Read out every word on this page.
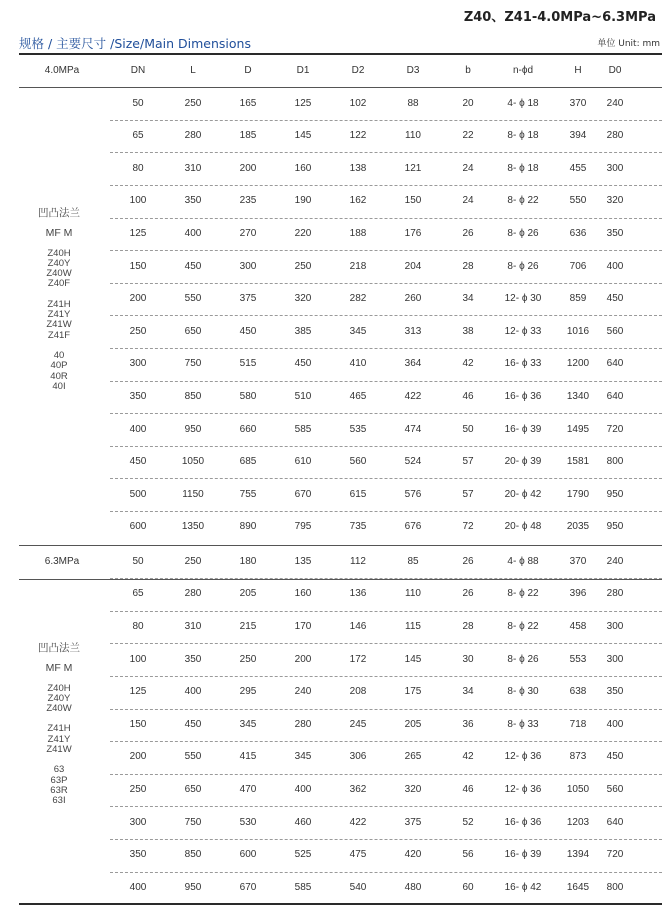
Z40、Z41-4.0MPa~6.3MPa
规格 / 主要尺寸 /Size/Main Dimensions	单位 Unit: mm
4.0MPa	DN	L	D	D1	D2	D3	b	n-ϕd	H	D0
50	250	165	125	102	88	20	4- ϕ 18	370	240
65	280	185	145	122	110	22	8- ϕ 18	394	280
80	310	200	160	138	121	24	8- ϕ 18	455	300
100	350	235	190	162	150	24	8- ϕ 22	550	320
125	400	270	220	188	176	26	8- ϕ 26	636	350
150	450	300	250	218	204	28	8- ϕ 26	706	400
200	550	375	320	282	260	34	12- ϕ 30	859	450
250	650	450	385	345	313	38	12- ϕ 33	1016	560
300	750	515	450	410	364	42	16- ϕ 33	1200	640
350	850	580	510	465	422	46	16- ϕ 36	1340	640
400	950	660	585	535	474	50	16- ϕ 39	1495	720
450	1050	685	610	560	524	57	20- ϕ 39	1581	800
500	1150	755	670	615	576	57	20- ϕ 42	1790	950
600	1350	890	795	735	676	72	20- ϕ 48	2035	950
6.3MPa	50	250	180	135	112	85	26	4- ϕ 88	370	240
65	280	205	160	136	110	26	8- ϕ 22	396	280
80	310	215	170	146	115	28	8- ϕ 22	458	300
100	350	250	200	172	145	30	8- ϕ 26	553	300
125	400	295	240	208	175	34	8- ϕ 30	638	350
150	450	345	280	245	205	36	8- ϕ 33	718	400
200	550	415	345	306	265	42	12- ϕ 36	873	450
250	650	470	400	362	320	46	12- ϕ 36	1050	560
300	750	530	460	422	375	52	16- ϕ 36	1203	640
350	850	600	525	475	420	56	16- ϕ 39	1394	720
400	950	670	585	540	480	60	16- ϕ 42	1645	800
凹凸法兰
MF M
Z40H
Z40Y
Z40W
Z40F
Z41H
Z41Y
Z41W
Z41F
40
40P
40R
40I
凹凸法兰
MF M
Z40H
Z40Y
Z40W
Z41H
Z41Y
Z41W
63
63P
63R
63I
